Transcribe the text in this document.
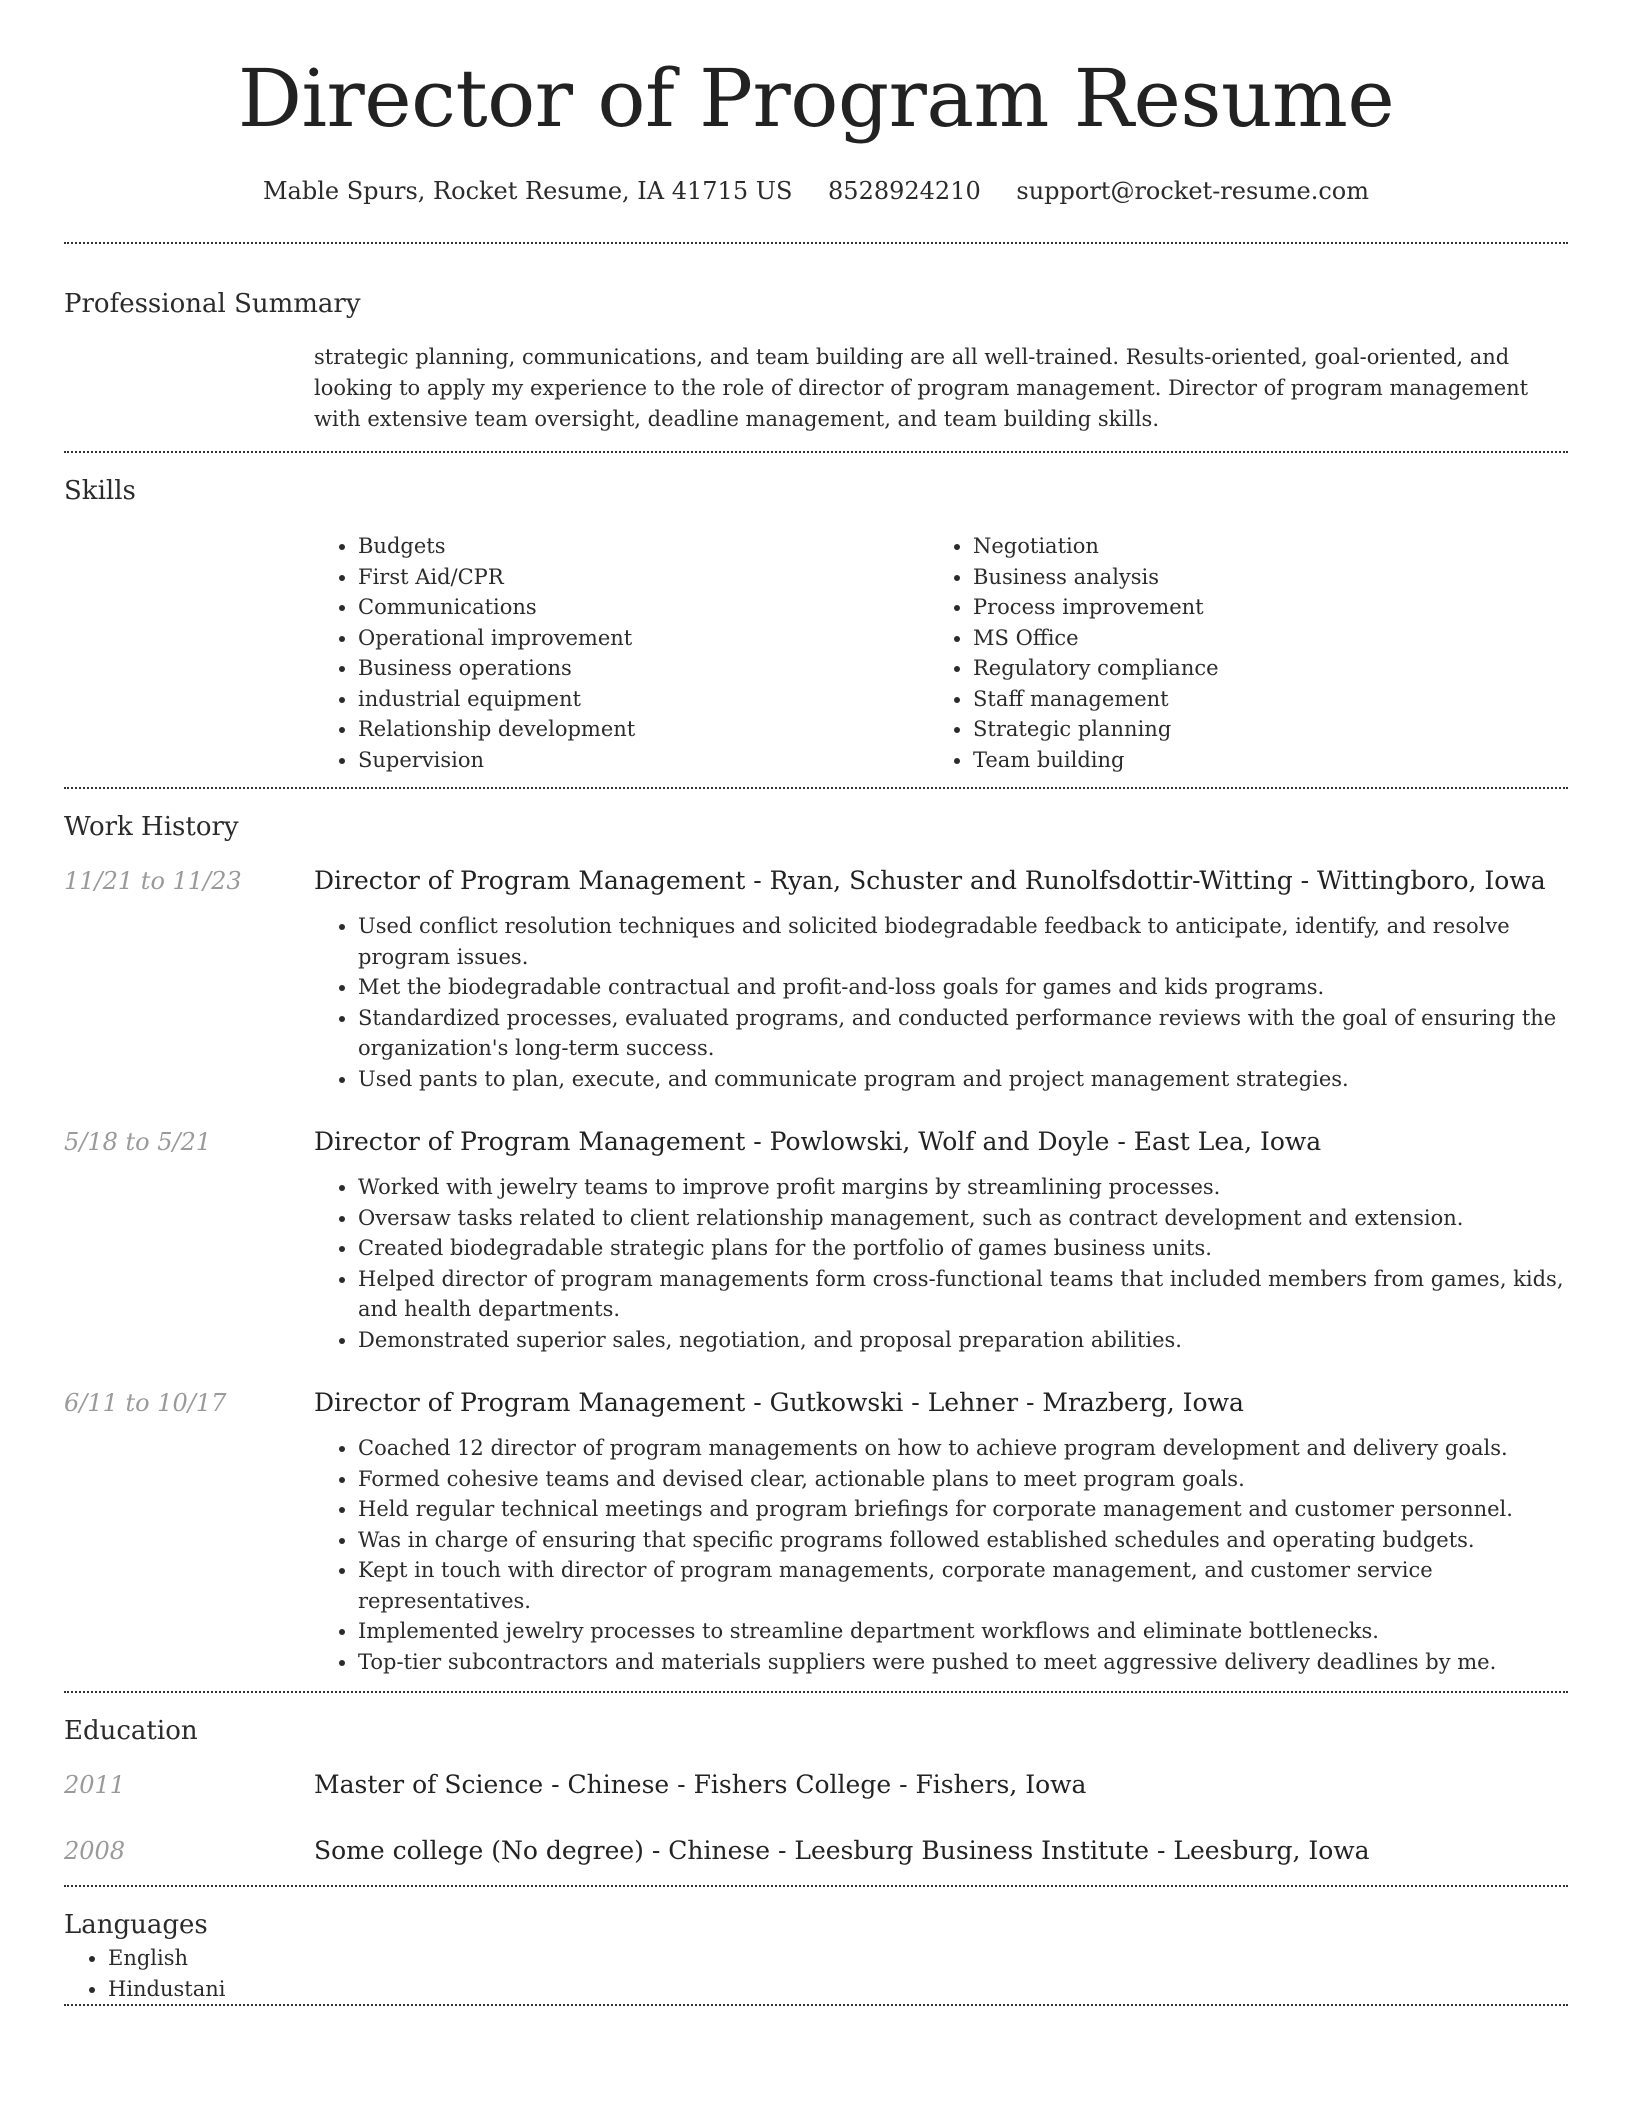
Director of Program Resume
Mable Spurs, Rocket Resume, IA 41715 US 8528924210 support@rocket-resume.com
Professional Summary

strategic planning, communications, and team building are all well-trained. Results-oriented, goal-oriented, and looking to apply my experience to the role of director of program management. Director of program management with extensive team oversight, deadline management, and team building skills.

Skills
• Budgets
• First Aid/CPR
• Communications
• Operational improvement
• Business operations
• industrial equipment
• Relationship development
• Supervision
• Negotiation
• Business analysis
• Process improvement
• MS Office
• Regulatory compliance
• Staff management
• Strategic planning
• Team building
Work History
11/21 to 11/23	Director of Program Management - Ryan, Schuster and Runolfsdottir-Witting - Wittingboro, Iowa
• Used conflict resolution techniques and solicited biodegradable feedback to anticipate, identify, and resolve program issues.
• Met the biodegradable contractual and profit-and-loss goals for games and kids programs.
• Standardized processes, evaluated programs, and conducted performance reviews with the goal of ensuring the organization's long-term success.
• Used pants to plan, execute, and communicate program and project management strategies.
5/18 to 5/21	Director of Program Management - Powlowski, Wolf and Doyle - East Lea, Iowa
• Worked with jewelry teams to improve profit margins by streamlining processes.
• Oversaw tasks related to client relationship management, such as contract development and extension.
• Created biodegradable strategic plans for the portfolio of games business units.
• Helped director of program managements form cross-functional teams that included members from games, kids, and health departments.
• Demonstrated superior sales, negotiation, and proposal preparation abilities.
6/11 to 10/17	Director of Program Management - Gutkowski - Lehner - Mrazberg, Iowa
• Coached 12 director of program managements on how to achieve program development and delivery goals.
• Formed cohesive teams and devised clear, actionable plans to meet program goals.
• Held regular technical meetings and program briefings for corporate management and customer personnel.
• Was in charge of ensuring that specific programs followed established schedules and operating budgets.
• Kept in touch with director of program managements, corporate management, and customer service representatives.
• Implemented jewelry processes to streamline department workflows and eliminate bottlenecks.
• Top-tier subcontractors and materials suppliers were pushed to meet aggressive delivery deadlines by me.
Education
2011	Master of Science - Chinese - Fishers College - Fishers, Iowa
2008	Some college (No degree) - Chinese - Leesburg Business Institute - Leesburg, Iowa
Languages
• English
• Hindustani
